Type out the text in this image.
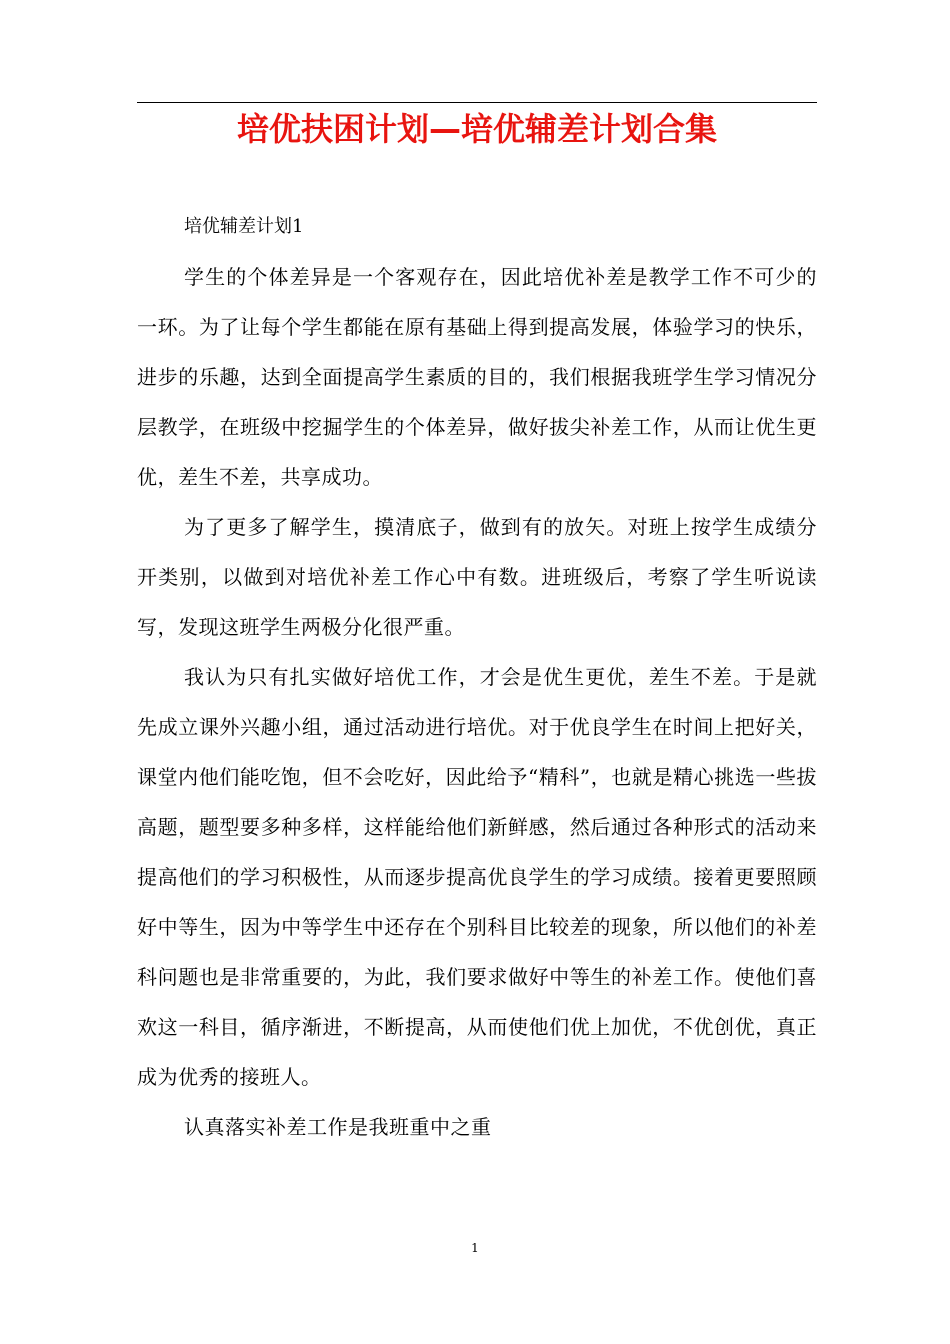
培优扶困计划—培优辅差计划合集

培优辅差计划1

学生的个体差异是一个客观存在，因此培优补差是教学工作不可少的一环。为了让每个学生都能在原有基础上得到提高发展，体验学习的快乐，进步的乐趣，达到全面提高学生素质的目的，我们根据我班学生学习情况分层教学，在班级中挖掘学生的个体差异，做好拔尖补差工作，从而让优生更优，差生不差，共享成功。

为了更多了解学生，摸清底子，做到有的放矢。对班上按学生成绩分开类别，以做到对培优补差工作心中有数。进班级后，考察了学生听说读写，发现这班学生两极分化很严重。

我认为只有扎实做好培优工作，才会是优生更优，差生不差。于是就先成立课外兴趣小组，通过活动进行培优。对于优良学生在时间上把好关，课堂内他们能吃饱，但不会吃好，因此给予“精科”，也就是精心挑选一些拔高题，题型要多种多样，这样能给他们新鲜感，然后通过各种形式的活动来提高他们的学习积极性，从而逐步提高优良学生的学习成绩。接着更要照顾好中等生，因为中等学生中还存在个别科目比较差的现象，所以他们的补差科问题也是非常重要的，为此，我们要求做好中等生的补差工作。使他们喜欢这一科目，循序渐进，不断提高，从而使他们优上加优，不优创优，真正成为优秀的接班人。

认真落实补差工作是我班重中之重

1
